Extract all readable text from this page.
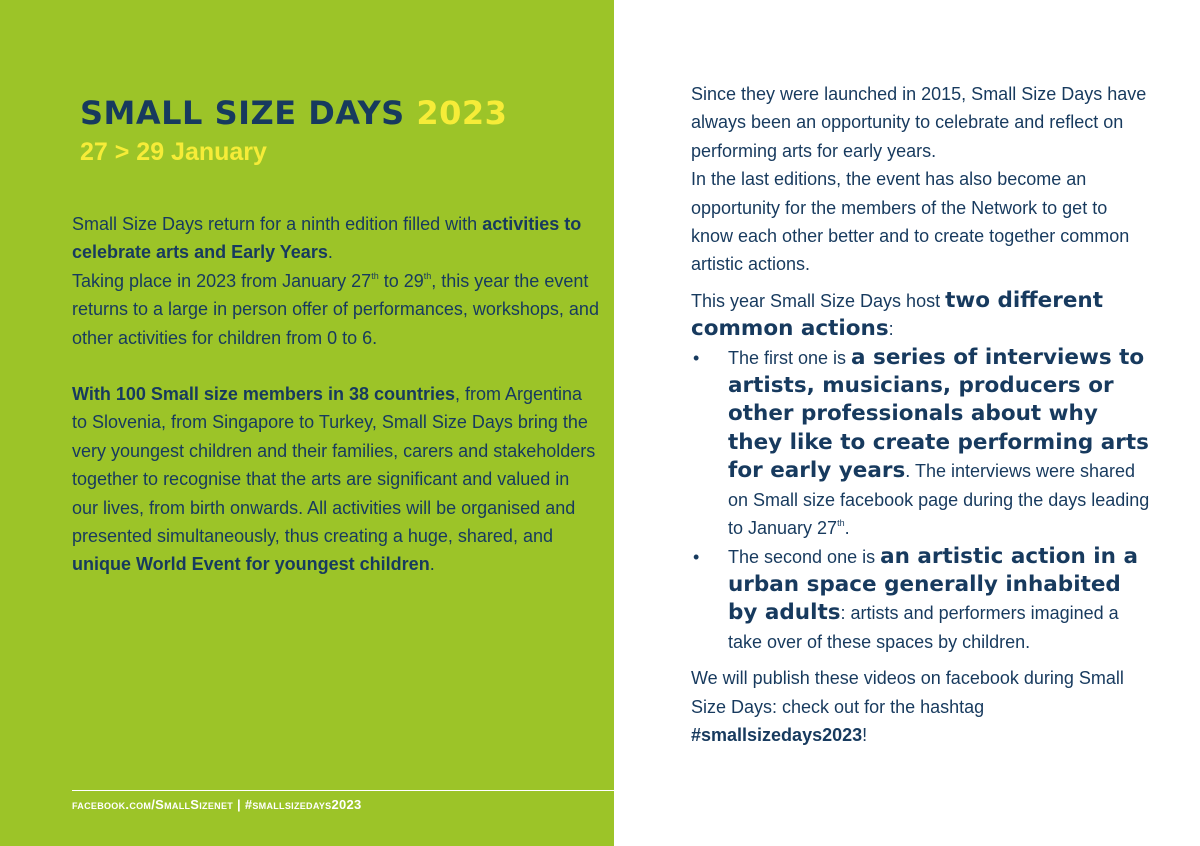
SMALL SIZE DAYS 2023

27 > 29 January

Small Size Days return for a ninth edition filled with activities to celebrate arts and Early Years.
Taking place in 2023 from January 27th to 29th, this year the event returns to a large in person offer of performances, workshops, and other activities for children from 0 to 6.

With 100 Small size members in 38 countries, from Argentina to Slovenia, from Singapore to Turkey, Small Size Days bring the very youngest children and their families, carers and stakeholders together to recognise that the arts are significant and valued in our lives, from birth onwards. All activities will be organised and presented simultaneously, thus creating a huge, shared, and unique World Event for youngest children.

facebook.com/SmallSizenet | #smallsizedays2023

Since they were launched in 2015, Small Size Days have always been an opportunity to celebrate and reflect on performing arts for early years.
In the last editions, the event has also become an opportunity for the members of the Network to get to know each other better and to create together common artistic actions.

This year Small Size Days host two different common actions:

• The first one is a series of interviews to artists, musicians, producers or other professionals about why they like to create performing arts for early years. The interviews were shared on Small size facebook page during the days leading to January 27th.
• The second one is an artistic action in a urban space generally inhabited by adults: artists and performers imagined a take over of these spaces by children.

We will publish these videos on facebook during Small Size Days: check out for the hashtag #smallsizedays2023!
